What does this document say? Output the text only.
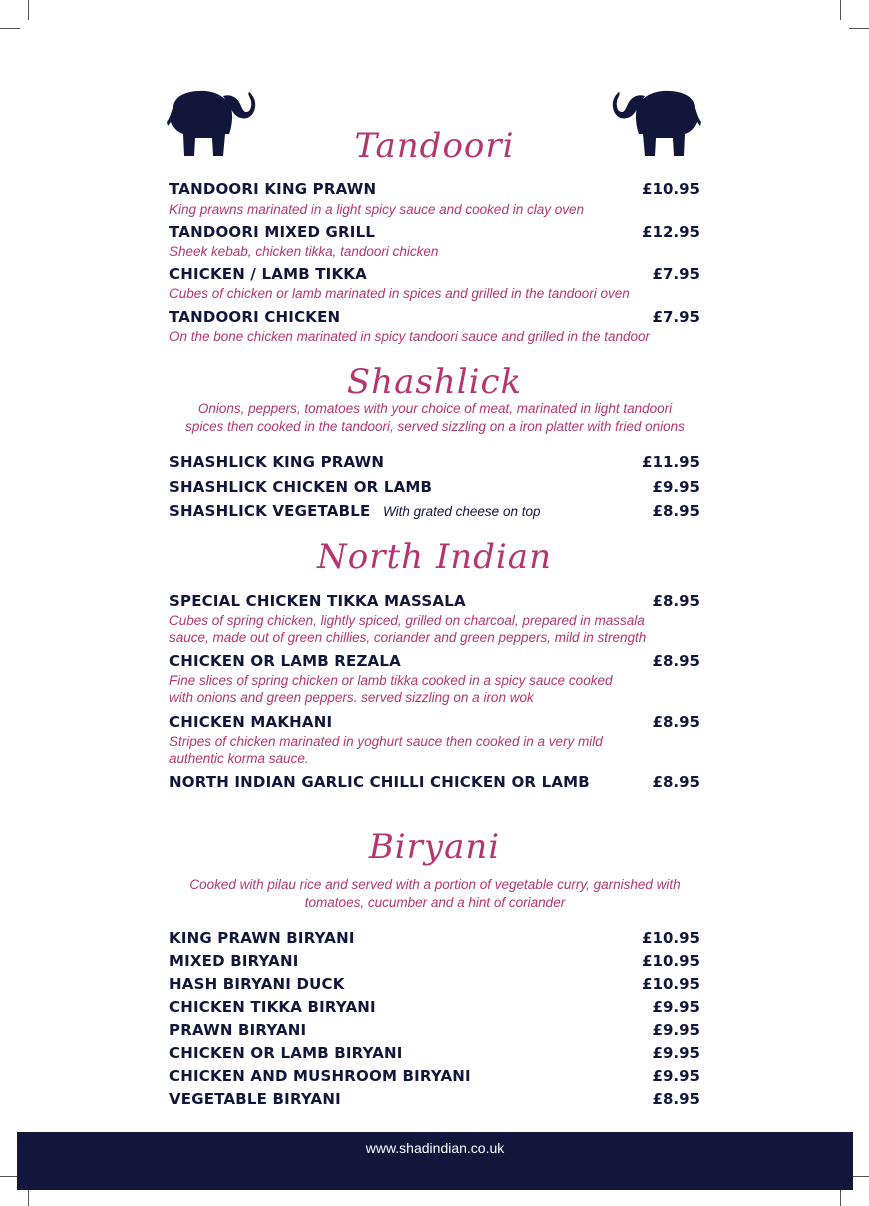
Tandoori
TANDOORI KING PRAWN	£10.95
King prawns marinated in a light spicy sauce and cooked in clay oven
TANDOORI MIXED GRILL	£12.95
Sheek kebab, chicken tikka, tandoori chicken
CHICKEN / LAMB TIKKA	£7.95
Cubes of chicken or lamb marinated in spices and grilled in the tandoori oven
TANDOORI CHICKEN	£7.95
On the bone chicken marinated in spicy tandoori sauce and grilled in the tandoor
Shashlick
Onions, peppers, tomatoes with your choice of meat, marinated in light tandoori
spices then cooked in the tandoori, served sizzling on a iron platter with fried onions
SHASHLICK KING PRAWN	£11.95
SHASHLICK CHICKEN OR LAMB	£9.95
SHASHLICK VEGETABLE With grated cheese on top	£8.95
North Indian
SPECIAL CHICKEN TIKKA MASSALA	£8.95
Cubes of spring chicken, lightly spiced, grilled on charcoal, prepared in massala
sauce, made out of green chillies, coriander and green peppers, mild in strength
CHICKEN OR LAMB REZALA	£8.95
Fine slices of spring chicken or lamb tikka cooked in a spicy sauce cooked
with onions and green peppers. served sizzling on a iron wok
CHICKEN MAKHANI	£8.95
Stripes of chicken marinated in yoghurt sauce then cooked in a very mild
authentic korma sauce.
NORTH INDIAN GARLIC CHILLI CHICKEN OR LAMB	£8.95
Biryani
Cooked with pilau rice and served with a portion of vegetable curry, garnished with
tomatoes, cucumber and a hint of coriander
KING PRAWN BIRYANI	£10.95
MIXED BIRYANI	£10.95
HASH BIRYANI DUCK	£10.95
CHICKEN TIKKA BIRYANI	£9.95
PRAWN BIRYANI	£9.95
CHICKEN OR LAMB BIRYANI	£9.95
CHICKEN AND MUSHROOM BIRYANI	£9.95
VEGETABLE BIRYANI	£8.95
www.shadindian.co.uk
